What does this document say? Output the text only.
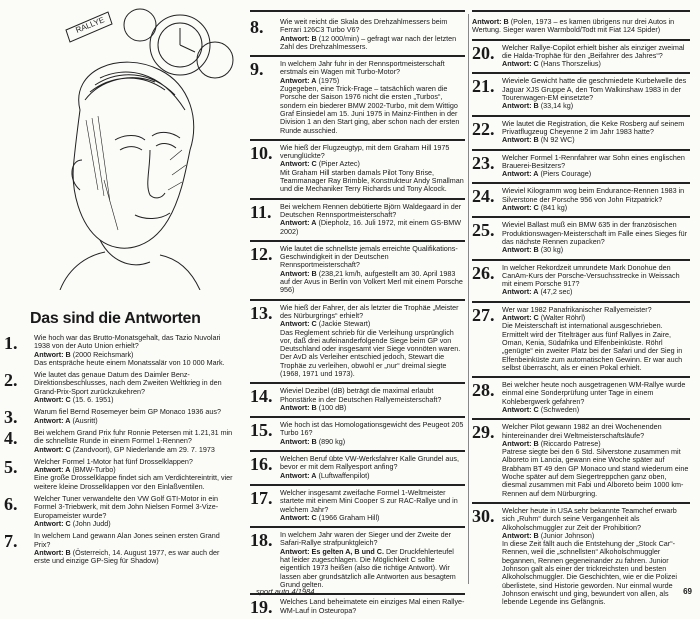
RALLYE
Das sind die Antworten
1. Wie hoch war das Brutto-Monatsgehalt, das Tazio Nuvolari 1938 von der Auto Union erhielt?
Antwort: B (2000 Reichsmark)
Das entspräche heute einem Monatssalär von 10 000 Mark.
2. Wie lautet das genaue Datum des Daimler Benz-Direktionsbeschlusses, nach dem Zweiten Weltkrieg in den Grand-Prix-Sport zurückzukehren?
Antwort: C (15. 6. 1951)
3. Warum fiel Bernd Rosemeyer beim GP Monaco 1936 aus?
Antwort: A (Ausritt)
4. Bei welchem Grand Prix fuhr Ronnie Petersen mit 1.21,31 min die schnellste Runde in einem Formel 1-Rennen?
Antwort: C (Zandvoort), GP Niederlande am 29. 7. 1973
5. Welcher Formel 1-Motor hat fünf Drosselklappen?
Antwort: A (BMW-Turbo)
Eine große Drosselklappe findet sich am Verdichtereintritt, vier weitere kleine Drosselklappen vor den Einlaßventilen.
6. Welcher Tuner verwandelte den VW Golf GTI-Motor in ein Formel 3-Triebwerk, mit dem John Nielsen Formel 3-Vize-Europameister wurde?
Antwort: C (John Judd)
7. In welchem Land gewann Alan Jones seinen ersten Grand Prix?
Antwort: B (Österreich, 14. August 1977, es war auch der erste und einzige GP-Sieg für Shadow)
8. Wie weit reicht die Skala des Drehzahlmessers beim Ferrari 126C3 Turbo V6?
Antwort: B (12 000/min) – gefragt war nach der letzten Zahl des Drehzahlmessers.
9. In welchem Jahr fuhr in der Rennsportmeisterschaft erstmals ein Wagen mit Turbo-Motor?
Antwort: A (1975)
Zugegeben, eine Trick-Frage – tatsächlich waren die Porsche der Saison 1976 nicht die ersten „Turbos“, sondern ein biederer BMW 2002-Turbo, mit dem Wittigo Graf Einsiedel am 15. Juni 1975 in Mainz-Finthen in der Division 1 an den Start ging, aber schon nach der ersten Runde ausschied.
10. Wie hieß der Flugzeugtyp, mit dem Graham Hill 1975 verunglückte?
Antwort: C (Piper Aztec)
Mit Graham Hill starben damals Pilot Tony Brise, Teammanager Ray Brimble, Konstrukteur Andy Smallman und die Mechaniker Terry Richards und Tony Alcock.
11. Bei welchem Rennen debütierte Björn Waldegaard in der Deutschen Rennsportmeisterschaft?
Antwort: A (Diepholz, 16. Juli 1972, mit einem GS-BMW 2002)
12. Wie lautet die schnellste jemals erreichte Qualifikations-Geschwindigkeit in der Deutschen Rennsportmeisterschaft?
Antwort: B (238,21 km/h, aufgestellt am 30. April 1983 auf der Avus in Berlin von Volkert Merl mit einem Porsche 956)
13. Wie hieß der Fahrer, der als letzter die Trophäe „Meister des Nürburgrings“ erhielt?
Antwort: C (Jackie Stewart)
Das Reglement schrieb für die Verleihung ursprünglich vor, daß drei aufeinanderfolgende Siege beim GP von Deutschland oder insgesamt vier Siege vonnöten waren. Der AvD als Verleiher entschied jedoch, Stewart die Trophäe zu verleihen, obwohl er „nur“ dreimal siegte (1968, 1971 und 1973).
14. Wieviel Dezibel (dB) beträgt die maximal erlaubt Phonstärke in der Deutschen Rallyemeisterschaft?
Antwort: B (100 dB)
15. Wie hoch ist das Homologationsgewicht des Peugeot 205 Turbo 16?
Antwort: B (890 kg)
16. Welchen Beruf übte VW-Werksfahrer Kalle Grundel aus, bevor er mit dem Rallyesport anfing?
Antwort: A (Luftwaffenpilot)
17. Welcher insgesamt zweifache Formel 1-Weltmeister startete mit einem Mini Cooper S zur RAC-Rallye und in welchem Jahr?
Antwort: C (1966 Graham Hill)
18. In welchem Jahr waren der Sieger und der Zweite der Safari-Rallye strafpunktgleich?
Antwort: Es gelten A, B und C. Der Druckfehlerteufel hat leider zugeschlagen. Die Möglichkeit C sollte eigentlich 1973 heißen (also die richtige Antwort). Wir lassen aber grundsätzlich alle Antworten aus besagtem Grund gelten.
19. Welches Land beheimatete ein einziges Mal einen Rallye-WM-Lauf in Osteuropa?
Antwort: B (Polen, 1973 – es kamen übrigens nur drei Autos in Wertung. Sieger waren Warmbold/Todt mit Fiat 124 Spider)
20. Welcher Rallye-Copilot erhielt bisher als einziger zweimal die Halda-Trophäe für den „Beifahrer des Jahres“?
Antwort: C (Hans Thorszelius)
21. Wieviele Gewicht hatte die geschmiedete Kurbelwelle des Jaguar XJS Gruppe A, den Tom Walkinshaw 1983 in der Tourenwagen-EM einsetzte?
Antwort: B (33,14 kg)
22. Wie lautet die Registration, die Keke Rosberg auf seinem Privatflugzeug Cheyenne 2 im Jahr 1983 hatte?
Antwort: B (N 92 WC)
23. Welcher Formel 1-Rennfahrer war Sohn eines englischen Brauerei-Besitzers?
Antwort: A (Piers Courage)
24. Wieviel Kilogramm wog beim Endurance-Rennen 1983 in Silverstone der Porsche 956 von John Fitzpatrick?
Antwort: C (841 kg)
25. Wieviel Ballast muß ein BMW 635 in der französischen Produktionswagen-Meisterschaft im Falle eines Sieges für das nächste Rennen zupacken?
Antwort: B (30 kg)
26. In welcher Rekordzeit umrundete Mark Donohue den CanAm-Kurs der Porsche-Versuchsstrecke in Weissach mit einem Porsche 917?
Antwort: A (47,2 sec)
27. Wer war 1982 Panafrikanischer Rallyemeister?
Antwort: C (Walter Röhrl)
Die Meisterschaft ist international ausgeschrieben. Ermittelt wird der Titelträger aus fünf Rallyes in Zaire, Oman, Kenia, Südafrika und Elfenbeinküste. Röhrl „genügte“ ein zweiter Platz bei der Safari und der Sieg in Elfenbeinküste zum automatischen Gewinn. Er war auch selbst überrascht, als er einen Pokal erhielt.
28. Bei welcher heute noch ausgetragenen WM-Rallye wurde einmal eine Sonderprüfung unter Tage in einem Kohlebergwerk gefahren?
Antwort: C (Schweden)
29. Welcher Pilot gewann 1982 an drei Wochenenden hintereinander drei Weltmeisterschaftsläufe?
Antwort: B (Riccardo Patrese)
Patrese siegte bei den 6 Std. Silverstone zusammen mit Alboreto im Lancia, gewann eine Woche später auf Brabham BT 49 den GP Monaco und stand wiederum eine Woche später auf dem Siegertreppchen ganz oben, diesmal zusammen mit Fabi und Alboreto beim 1000 km-Rennen auf dem Nürburgring.
30. Welcher heute in USA sehr bekannte Teamchef erwarb sich „Ruhm“ durch seine Vergangenheit als Alkoholschmuggler zur Zeit der Prohibition?
Antwort: B (Junior Johnson)
In diese Zeit fällt auch die Entstehung der „Stock Car“-Rennen, weil die „schnellsten“ Alkoholschmuggler begannen, Rennen gegeneinander zu fahren. Junior Johnson galt als einer der trickreichsten und besten Alkoholschmuggler. Die Geschichten, wie er die Polizei überlistete, sind Historie geworden. Nur einmal wurde Johnson erwischt und ging, bewundert von allen, als lebende Legende ins Gefängnis.
sport auto 4/1984	69
